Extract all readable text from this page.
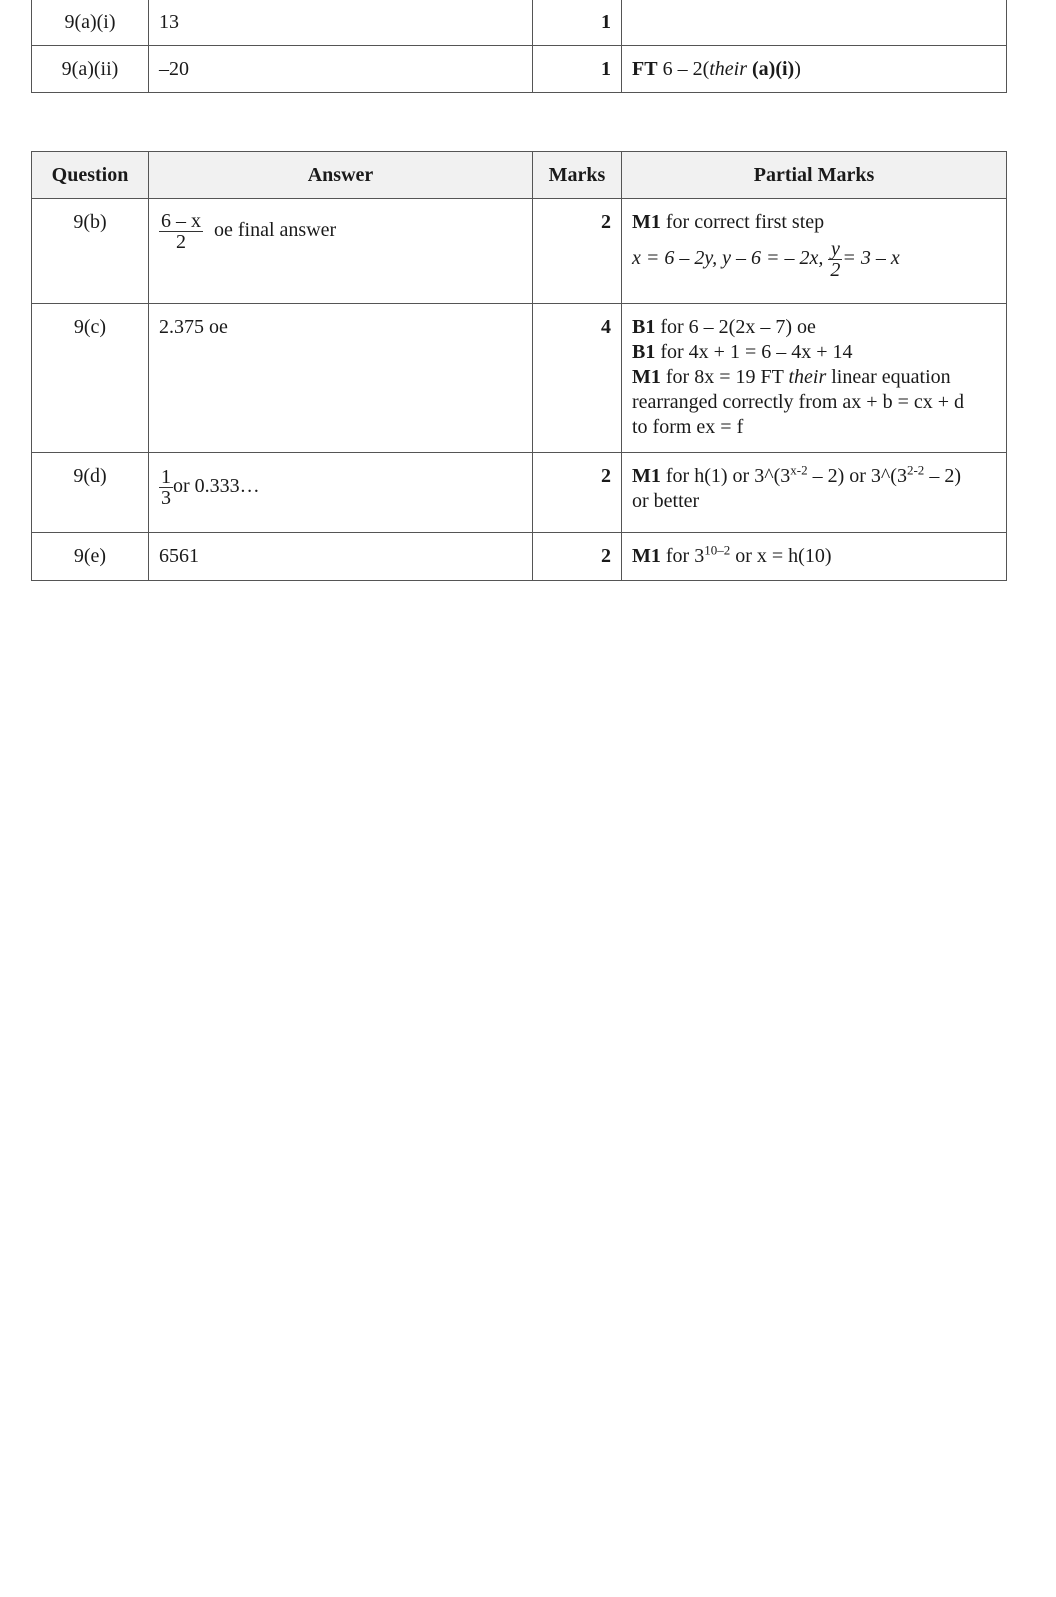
9(a)(i)	13	1	
9(a)(ii)	–20	1	FT 6 – 2(their (a)(i))
Question	Answer	Marks	Partial Marks
9(b)	$\frac{6 - x}{2}$ oe final answer	2	M1 for correct first step
x = 6 – 2y, y – 6 = – 2x, $\frac{y}{2} = 3 - x$

9(c)	2.375 oe	4	B1 for 6 – 2(2x – 7) oe
B1 for 4x + 1 = 6 – 4x + 14
M1 for 8x = 19 FT their linear equation
rearranged correctly from ax + b = cx + d
to form ex = f

9(d)	$\frac{1}{3}$ or 0.333…	2	M1 for h(1) or 3^(3$^{x-2}$ – 2) or 3^(3$^{2-2}$ – 2)
or better

9(e)	6561	2	M1 for 3$^{10-2}$ or x = h(10)
